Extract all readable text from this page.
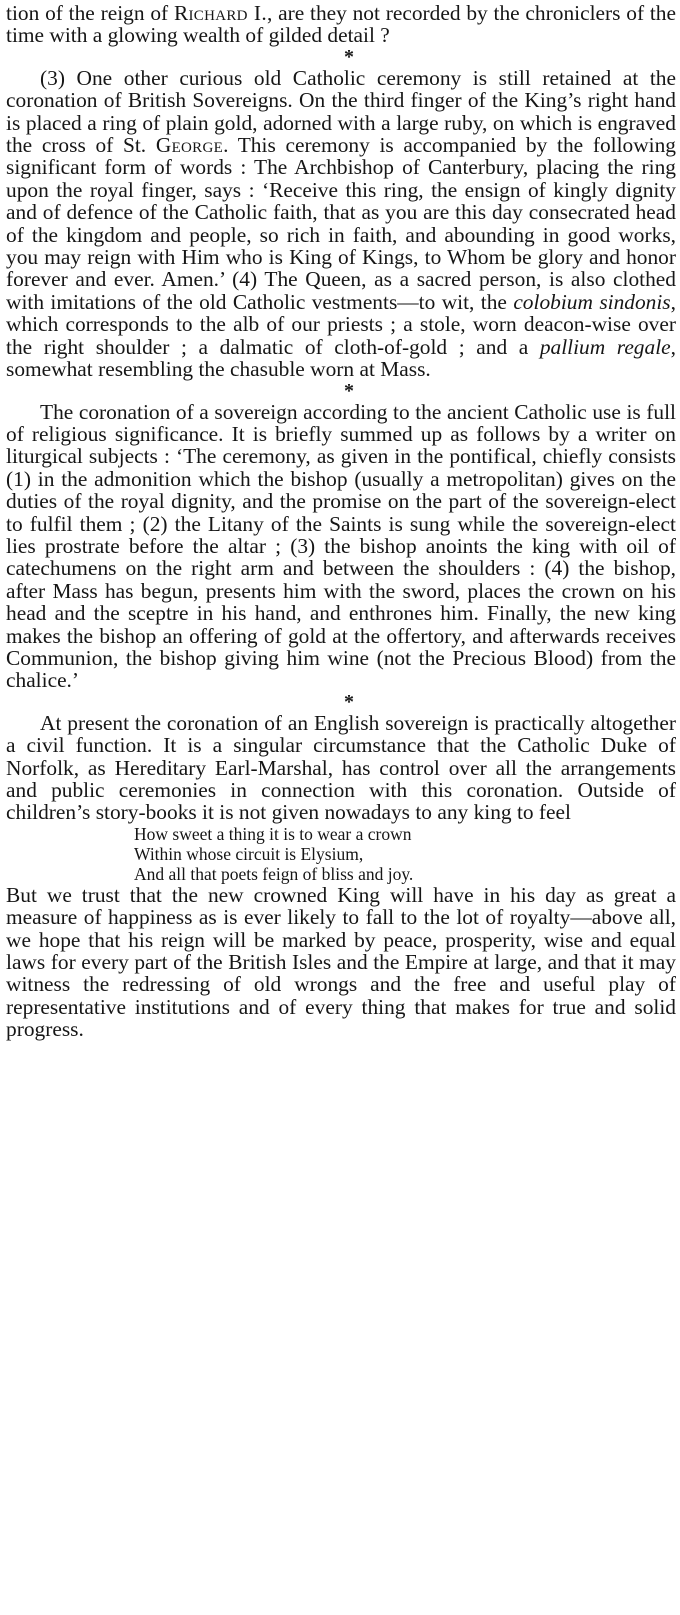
tion of the reign of Richard I., are they not recorded by the chroniclers of the time with a glowing wealth of gilded detail ?

*

(3) One other curious old Catholic ceremony is still retained at the coronation of British Sovereigns. On the third finger of the King’s right hand is placed a ring of plain gold, adorned with a large ruby, on which is engraved the cross of St. George. This ceremony is accompanied by the following significant form of words : The Archbishop of Canterbury, placing the ring upon the royal finger, says : ‘Receive this ring, the ensign of kingly dignity and of defence of the Catholic faith, that as you are this day consecrated head of the kingdom and people, so rich in faith, and abounding in good works, you may reign with Him who is King of Kings, to Whom be glory and honor forever and ever. Amen.’ (4) The Queen, as a sacred person, is also clothed with imitations of the old Catholic vestments—to wit, the colobium sindonis, which corresponds to the alb of our priests ; a stole, worn deacon-wise over the right shoulder ; a dalmatic of cloth-of-gold ; and a pallium regale, somewhat resembling the chasuble worn at Mass.

*

The coronation of a sovereign according to the ancient Catholic use is full of religious significance. It is briefly summed up as follows by a writer on liturgical subjects : ‘The ceremony, as given in the pontifical, chiefly consists (1) in the admonition which the bishop (usually a metropolitan) gives on the duties of the royal dignity, and the promise on the part of the sovereign-elect to fulfil them ; (2) the Litany of the Saints is sung while the sovereign-elect lies prostrate before the altar ; (3) the bishop anoints the king with oil of catechumens on the right arm and between the shoulders : (4) the bishop, after Mass has begun, presents him with the sword, places the crown on his head and the sceptre in his hand, and enthrones him. Finally, the new king makes the bishop an offering of gold at the offertory, and afterwards receives Communion, the bishop giving him wine (not the Precious Blood) from the chalice.’

*

At present the coronation of an English sovereign is practically altogether a civil function. It is a singular circumstance that the Catholic Duke of Norfolk, as Hereditary Earl-Marshal, has control over all the arrangements and public ceremonies in connection with this coronation. Outside of children’s story-books it is not given nowadays to any king to feel

How sweet a thing it is to wear a crown
Within whose circuit is Elysium,
And all that poets feign of bliss and joy.

But we trust that the new crowned King will have in his day as great a measure of happiness as is ever likely to fall to the lot of royalty—above all, we hope that his reign will be marked by peace, prosperity, wise and equal laws for every part of the British Isles and the Empire at large, and that it may witness the redressing of old wrongs and the free and useful play of representative institutions and of every thing that makes for true and solid progress.
